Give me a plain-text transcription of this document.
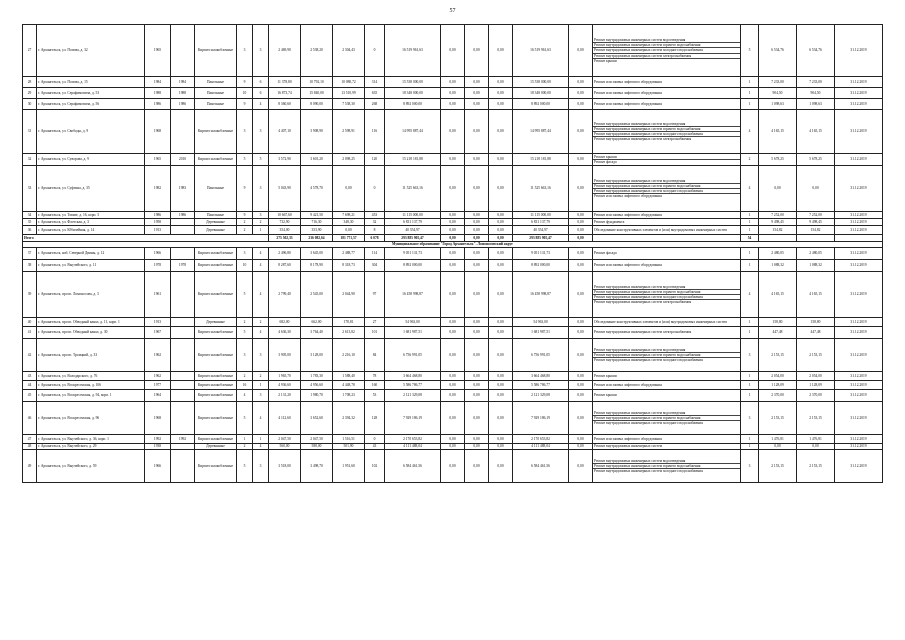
57
27	г. Архангельск, ул. Попова, д. 32	1965		Кирпич шлакоблочные	3	3	2 469,90	2 538,20	2 304,43	0	16 519 961,63	0,00	0,00	0,00	16 519 961,63	0,00	Ремонт внутридомовых инженерных систем водоотведения
Ремонт внутридомовых инженерных систем горячего водоснабжения
Ремонт внутридомовых инженерных систем холодного водоснабжения
Ремонт внутридомовых инженерных систем электроснабжения
Ремонт крыши	5	6 534,76	6 534,76	31.12.2019
28	г. Архангельск, ул. Попова, д. 15	1984	1984	Панельные	9	6	11 378,80	10 792,10	10 080,72	314	15 538 000,00	0,00	0,00	0,00	15 538 000,00	0,00	Ремонт или замена лифтового оборудования	1	7 233,00	7 233,00	31.12.2019
29	г. Архангельск, ул. Серафимовича, д. 53	1988	1988	Панельные	10	6	16 873,74	15 840,00	13 510,99	635	18 348 000,00	0,00	0,00	0,00	18 348 000,00	0,00	Ремонт или замена лифтового оборудования	1	904,50	904,50	31.12.2019
30	г. Архангельск, ул. Серафимовича, д. 56	1986	1986	Панельные	9	4	8 360,60	8 090,00	7 538,30	268	8 892 000,00	0,00	0,00	0,00	8 892 000,00	0,00	Ремонт или замена лифтового оборудования	1	1 098,63	1 098,63	31.12.2019
31	г. Архангельск, ул. Свободы, д. 9	1968		Кирпич шлакоблочные	3	3	4 407,10	3 908,90	2 598,91	116	14 995 887,44	0,00	0,00	0,00	14 995 887,44	0,00	Ремонт внутридомовых инженерных систем водоотведения
Ремонт внутридомовых инженерных систем горячего водоснабжения
Ремонт внутридомовых инженерных систем холодного водоснабжения
Ремонт внутридомовых инженерных систем электроснабжения	4	4 165,15	4 165,15	31.12.2019
32	г. Архангельск, ул. Суворова, д. 9	1965	2010	Кирпич шлакоблочные	5	5	3 572,90	3 601,20	2 098,25	120	15 218 181,88	0,00	0,00	0,00	15 218 181,88	0,00	Ремонт крыши
Ремонт фасада	2	5 678,25	5 678,25	31.12.2019
33	г. Архангельск, ул. Суфтина, д. 35	1982	1983	Панельные	9	3	5 043,90	4 578,70	0,00	0	11 525 663,16	0,00	0,00	0,00	11 525 663,16	0,00	Ремонт внутридомовых инженерных систем водоотведения
Ремонт внутридомовых инженерных систем горячего водоснабжения
Ремонт внутридомовых инженерных систем холодного водоснабжения
Ремонт или замена лифтового оборудования	4	0,00	0,00	31.12.2019
34	г. Архангельск, ул. Тимме, д. 16, корп. 3	1986	1986	Панельные	9	3	10 667,60	9 421,50	7 698,21	453	11 115 000,00	0,00	0,00	0,00	11 115 000,00	0,00	Ремонт или замена лифтового оборудования	1	7 252,00	7 252,00	31.12.2019
35	г. Архангельск, ул. Флотская, д. 3	1958		Деревянные	2	2	732,90	716,30	348,30	32	6 831 137,79	0,00	0,00	0,00	6 831 137,79	0,00	Ремонт фундамента	1	9 498,45	9 498,45	31.12.2019
36	г. Архангельск, ул. Юбилейная, д. 14	1913		Деревянные	2	1	354,00	353,90	0,00	8	40 354,97	0,00	0,00	0,00	40 354,97	0,00	Обследование конструктивных элементов и (или) внутридомовых инженерных систем	1	154,82	154,82	31.12.2019
Итого							275 502,33	236 082,64	181 771,57	6 078	293 885 905,47	0,00	0,00	0,00	293 885 905,47	0,00		54			
Муниципальное образование "Город Архангельск". Ломоносовский округ																					
37	г. Архангельск, наб. Северной Двины, д. 12	1966		Кирпич шлакоблочные	3	4	2 496,80	3 645,00	2 488,77	114	9 051 131,73	0,00	0,00	0,00	9 051 131,73	0,00	Ремонт фасада	1	2 480,05	2 480,05	31.12.2019
38	г. Архангельск, ул. Выучейского, д. 11	1978	1978	Кирпич шлакоблочные	10	4	8 287,60	8 178,90	8 318,73	304	8 892 000,00	0,00	0,00	0,00	8 892 000,00	0,00	Ремонт или замена лифтового оборудования	1	1 088,32	1 088,32	31.12.2019
39	г. Архангельск, просп. Ломоносова, д. 3	1961		Кирпич шлакоблочные	5	4	2 799,40	2 545,00	2 044,90	97	16 458 998,87	0,00	0,00	0,00	16 458 998,87	0,00	Ремонт внутридомовых инженерных систем водоотведения
Ремонт внутридомовых инженерных систем горячего водоснабжения
Ремонт внутридомовых инженерных систем холодного водоснабжения
Ремонт внутридомовых инженерных систем электроснабжения	4	4 165,15	4 165,15	31.12.2019
40	г. Архангельск, просп. Обводный канал, д. 11, корп. 1	1913		Деревянные	2	2	682,00	662,00	178,81	27	54 963,00	0,00	0,00	0,00	54 963,00	0,00	Обследование конструктивных элементов и (или) внутридомовых инженерных систем	1	158,80	158,80	31.12.2019
41	г. Архангельск, просп. Обводный канал, д. 30	1967		Кирпич шлакоблочные	5	4	4 636,30	3 764,40	2 613,82	101	1 681 987,51	0,00	0,00	0,00	1 681 987,51	0,00	Ремонт внутридомовых инженерных систем электроснабжения	1	447,48	447,48	31.12.2019
42	г. Архангельск, просп. Троицкий, д. 33	1962		Кирпич шлакоблочные	3	3	3 905,00	3 128,00	2 216,10	84	6 756 991,05	0,00	0,00	0,00	6 756 991,05	0,00	Ремонт внутридомовых инженерных систем водоотведения
Ремонт внутридомовых инженерных систем горячего водоснабжения
Ремонт внутридомовых инженерных систем холодного водоснабжения	3	2 153,15	2 153,15	31.12.2019
43	г. Архангельск, ул. Володарского, д. 76	1962		Кирпич шлакоблочные	2	2	1 965,70	1 783,30	1 588,40	78	3 664 468,80	0,00	0,00	0,00	3 664 468,80	0,00	Ремонт крыши	1	2 054,00	2 054,00	31.12.2019
44	г. Архангельск, ул. Воскресенская, д. 106	1977		Кирпич шлакоблочные	16	1	4 936,60	4 956,60	4 448,78	160	5 586 786,77	0,00	0,00	0,00	5 586 786,77	0,00	Ремонт или замена лифтового оборудования	1	1 128,09	1 128,09	31.12.2019
45	г. Архангельск, ул. Воскресенская, д. 94, корп. 1	1964		Кирпич шлакоблочные	4	3	2 131,20	1 980,70	1 708,23	53	2 121 329,08	0,00	0,00	0,00	2 121 329,08	0,00	Ремонт крыши	1	2 370,00	2 370,00	31.12.2019
46	г. Архангельск, ул. Воскресенская, д. 96	1968		Кирпич шлакоблочные	5	4	4 112,60	3 652,60	2 394,32	128	7 929 186,19	0,00	0,00	0,00	7 929 186,19	0,00	Ремонт внутридомовых инженерных систем водоотведения
Ремонт внутридомовых инженерных систем горячего водоснабжения
Ремонт внутридомовых инженерных систем холодного водоснабжения	3	2 153,15	2 153,15	31.12.2019
47	г. Архангельск, ул. Выучейского, д. 36, корп. 1	1992	1992	Кирпич шлакоблочные	1	1	2 047,50	2 047,50	1 516,51	0	2 170 653,82	0,00	0,00	0,00	2 170 653,82	0,00	Ремонт или замена лифтового оборудования	1	1 476,81	1 476,81	31.12.2019
48	г. Архангельск, ул. Выучейского, д. 29	1938		Деревянные	2	4	560,00	588,00	501,90	43	4 111 488,04	0,00	0,00	0,00	4 111 488,04	0,00	Ремонт внутридомовых инженерных систем	1	0,00	0,00	31.12.2019
49	г. Архангельск, ул. Выучейского, д. 59	1966		Кирпич шлакоблочные	5	3	3 518,00	3 498,70	1 951,60	102	6 584 461,56	0,00	0,00	0,00	6 584 461,56	0,00	Ремонт внутридомовых инженерных систем водоотведения
Ремонт внутридомовых инженерных систем горячего водоснабжения
Ремонт внутридомовых инженерных систем холодного водоснабжения	3	2 153,15	2 153,15	31.12.2019
